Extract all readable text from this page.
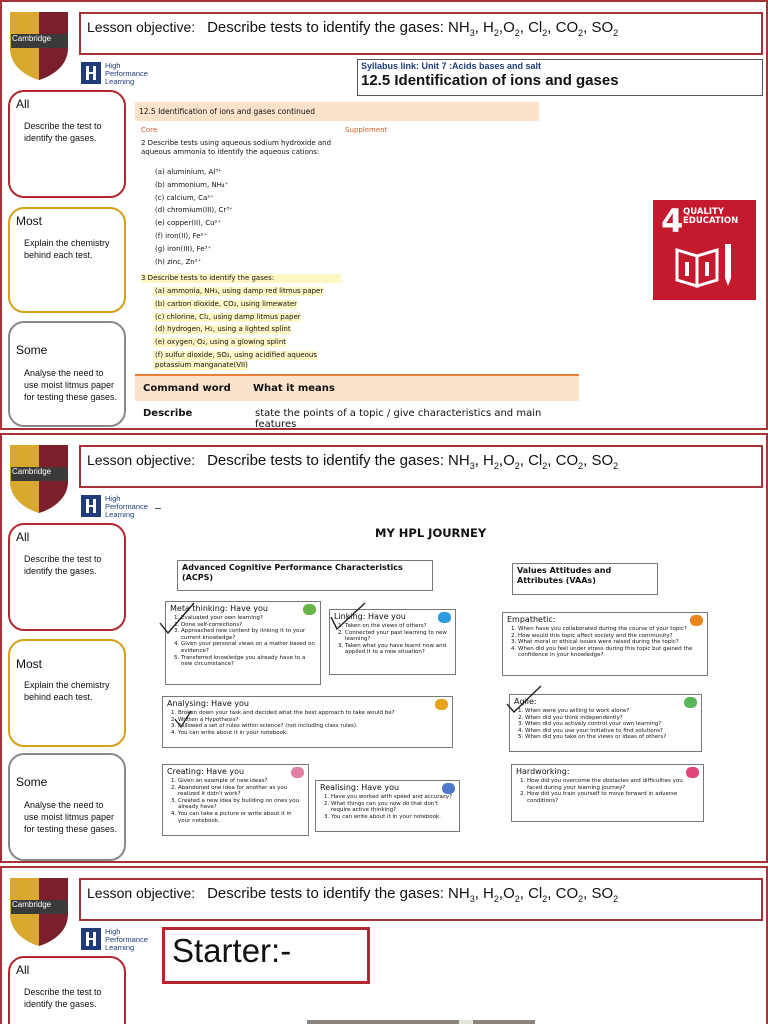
Cambridge
Lesson objective: Describe tests to identify the gases: $NH_3$, $H_2,O_2$, $Cl_2$, $CO_2$, $SO_2$
High
Performance
Learning
All
Describe the test to identify the gases.
Most
Explain the chemistry behind each test.
Some
Analyse the need to use moist litmus paper for testing these gases.
Syllabus link: Unit 7 :Acids bases and salt
12.5 Identification of ions and gases
12.5 Identification of ions and gases continued
Core	Supplement
2 Describe tests using aqueous sodium hydroxide and aqueous ammonia to identify the aqueous cations:
(a) aluminium, Al³⁺
(b) ammonium, NH₄⁺
(c) calcium, Ca²⁺
(d) chromium(III), Cr³⁺
(e) copper(II), Cu²⁺
(f) iron(II), Fe²⁺
(g) iron(III), Fe³⁺
(h) zinc, Zn²⁺
3 Describe tests to identify the gases:
(a) ammonia, NH₃, using damp red litmus paper
(b) carbon dioxide, CO₂, using limewater
(c) chlorine, Cl₂, using damp litmus paper
(d) hydrogen, H₂, using a lighted splint
(e) oxygen, O₂, using a glowing splint
(f) sulfur dioxide, SO₂, using acidified aqueous
potassium manganate(VII)
Command word What it means
Describe	state the points of a topic / give characteristics and main features
4 QUALITY
EDUCATION
Cambridge
Lesson objective: Describe tests to identify the gases: $NH_3$, $H_2,O_2$, $Cl_2$, $CO_2$, $SO_2$
High
Performance
Learning
All
Describe the test to identify the gases.
Most
Explain the chemistry behind each test.
Some
Analyse the need to use moist litmus paper for testing these gases.
MY HPL JOURNEY
Advanced Cognitive Performance Characteristics (ACPS)
Values Attitudes and Attributes (VAAs)
Meta thinking: Have you
1. Evaluated your own learning?
2. Done self-corrections?
3. Approached new content by linking it to your current knowledge?
4. Given your personal views on a matter based on evidence?
5. Transferred knowledge you already have to a new circumstance?
Linking: Have you
1. Taken on the views of others?
2. Connected your past learning to new learning?
3. Taken what you have learnt now and applied it to a new situation?
Analysing: Have you
1. Broken down your task and decided what the best approach to take would be?
2. Written a Hypothesis?
3. Followed a set of rules within science? (not including class rules).
4. You can write about it in your notebook.
Creating: Have you
1. Given an example of new ideas?
2. Abandoned one idea for another as you realized it didn't work?
3. Created a new idea by building on ones you already have?
4. You can take a picture or write about it in your notebook.
Realising: Have you
1. Have you worked with speed and accuracy?
2. What things can you now do that don't require active thinking?
3. You can write about it in your notebook.
Empathetic:
1. When have you collaborated during the course of your topic?
2. How would this topic affect society and the community?
3. What moral or ethical issues were raised during the topic?
4. When did you feel under stress during this topic but gained the confidence in your knowledge?
Agile:
1. When were you willing to work alone?
2. When did you think independently?
3. When did you actively control your own learning?
4. When did you use your initiative to find solutions?
5. When did you take on the views or ideas of others?
Hardworking:
1. How did you overcome the obstacles and difficulties you faced during your learning journey?
2. How did you train yourself to move forward in adverse conditions?
Cambridge
Lesson objective: Describe tests to identify the gases: $NH_3$, $H_2,O_2$, $Cl_2$, $CO_2$, $SO_2$
High
Performance
Learning
All
Describe the test to identify the gases.
Starter:-
